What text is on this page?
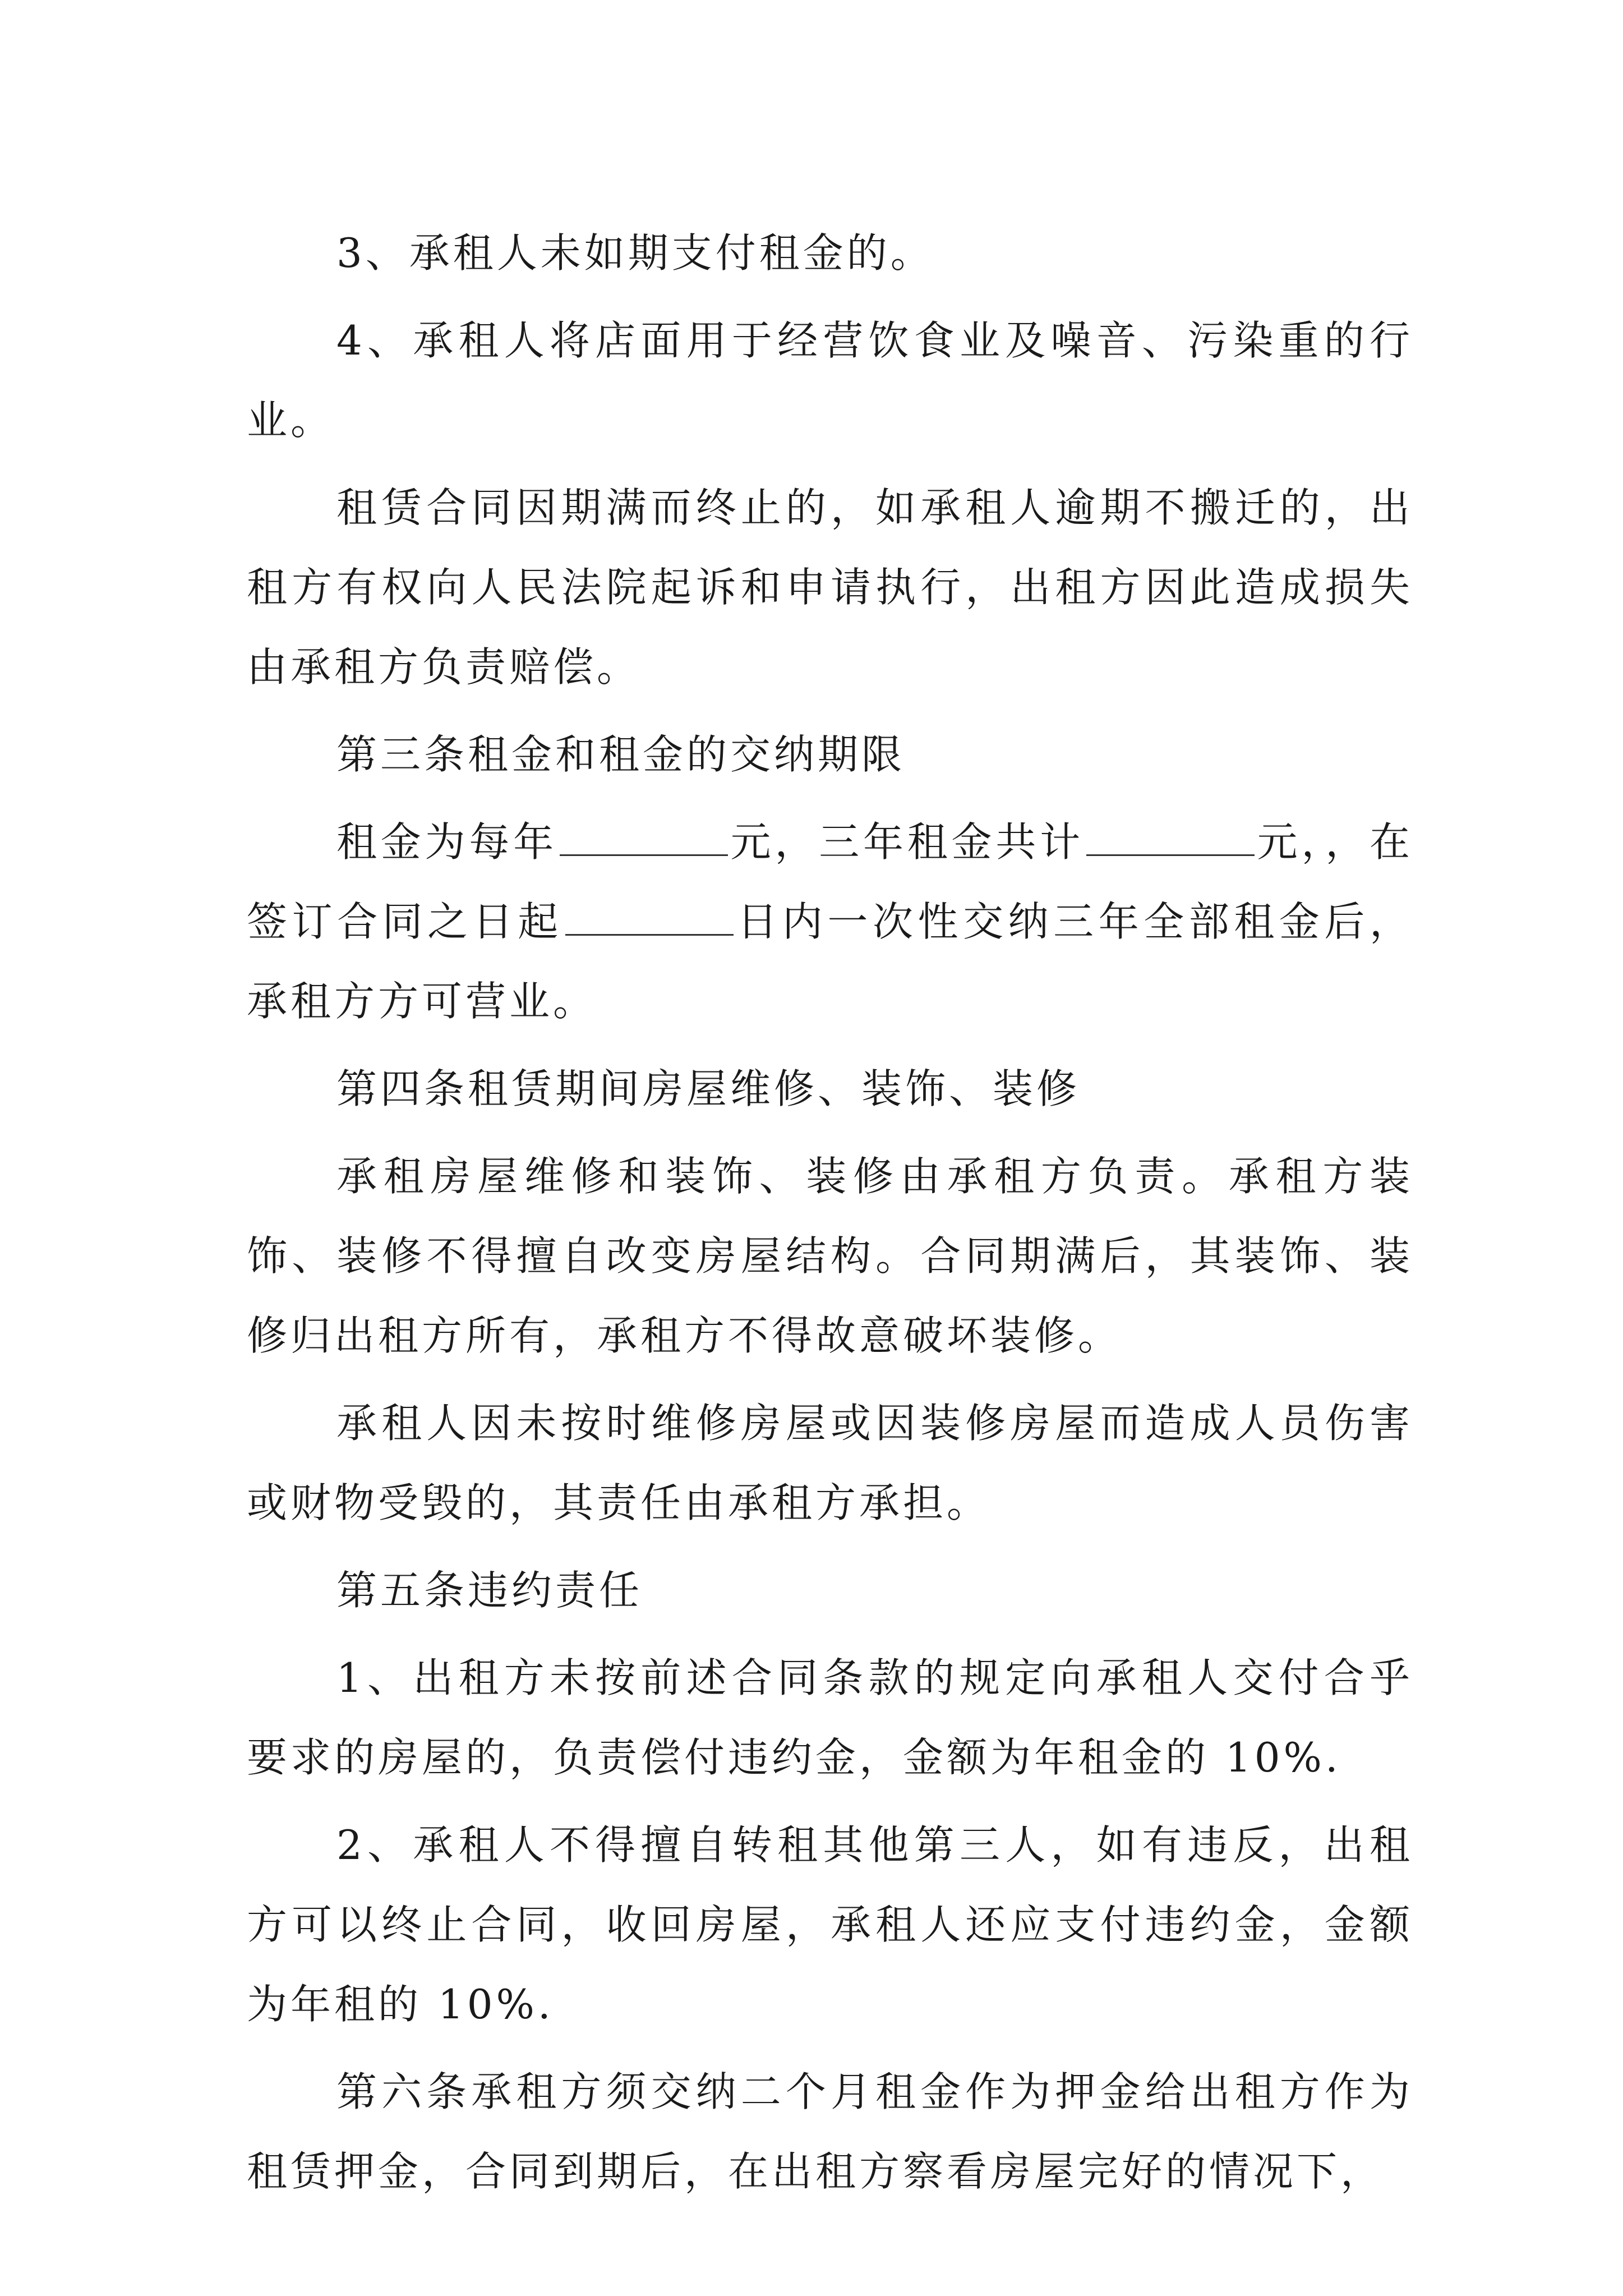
3、承租人未如期支付租金的。

4、承租人将店面用于经营饮食业及噪音、污染重的行业。

租赁合同因期满而终止的，如承租人逾期不搬迁的，出租方有权向人民法院起诉和申请执行，出租方因此造成损失由承租方负责赔偿。

第三条租金和租金的交纳期限

租金为每年	元，三年租金共计	元，，在签订合同之日起	日内一次性交纳三年全部租金后，承租方方可营业。

第四条租赁期间房屋维修、装饰、装修

承租房屋维修和装饰、装修由承租方负责。承租方装饰、装修不得擅自改变房屋结构。合同期满后，其装饰、装修归出租方所有，承租方不得故意破坏装修。

承租人因未按时维修房屋或因装修房屋而造成人员伤害或财物受毁的，其责任由承租方承担。

第五条违约责任

1、出租方未按前述合同条款的规定向承租人交付合乎要求的房屋的，负责偿付违约金，金额为年租金的 10%.

2、承租人不得擅自转租其他第三人，如有违反，出租方可以终止合同，收回房屋，承租人还应支付违约金，金额为年租的 10%.

第六条承租方须交纳二个月租金作为押金给出租方作为租赁押金，合同到期后，在出租方察看房屋完好的情况下，
